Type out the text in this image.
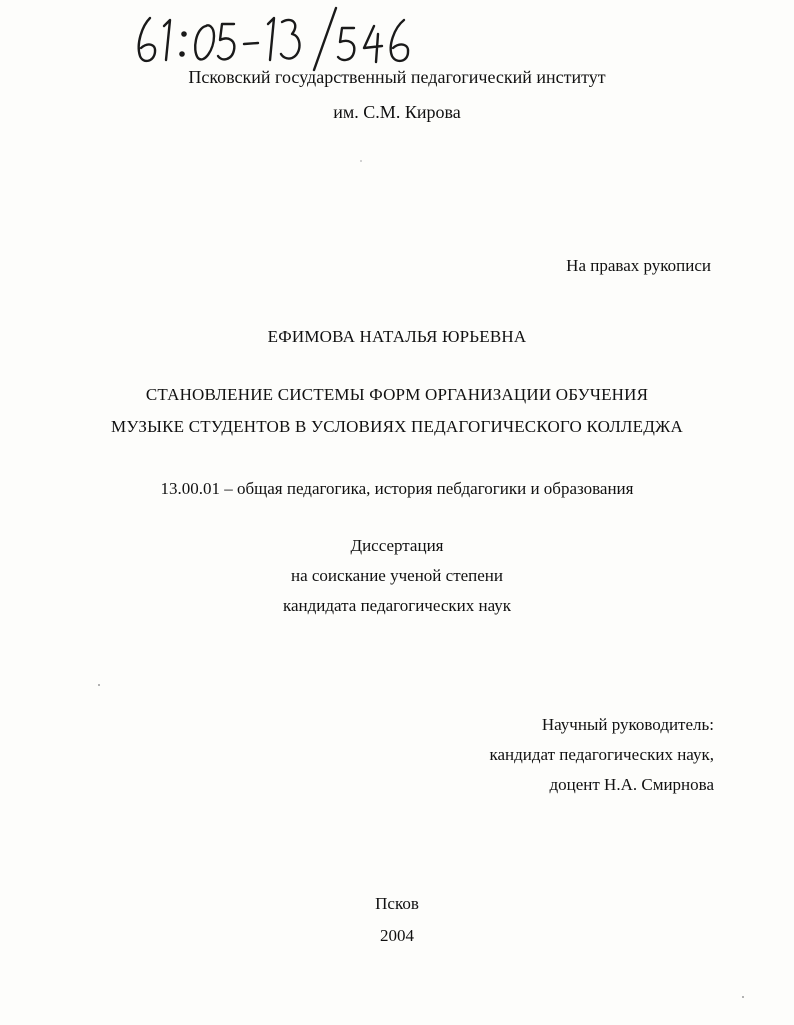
Псковский государственный педагогический институт
им. С.М. Кирова
На правах рукописи
ЕФИМОВА НАТАЛЬЯ ЮРЬЕВНА
СТАНОВЛЕНИЕ СИСТЕМЫ ФОРМ ОРГАНИЗАЦИИ ОБУЧЕНИЯ
МУЗЫКЕ СТУДЕНТОВ В УСЛОВИЯХ ПЕДАГОГИЧЕСКОГО КОЛЛЕДЖА
13.00.01 – общая педагогика, история пебдагогики и образования
Диссертация
на соискание ученой степени
кандидата педагогических наук
Научный руководитель:
кандидат педагогических наук,
доцент Н.А. Смирнова
Псков
2004
